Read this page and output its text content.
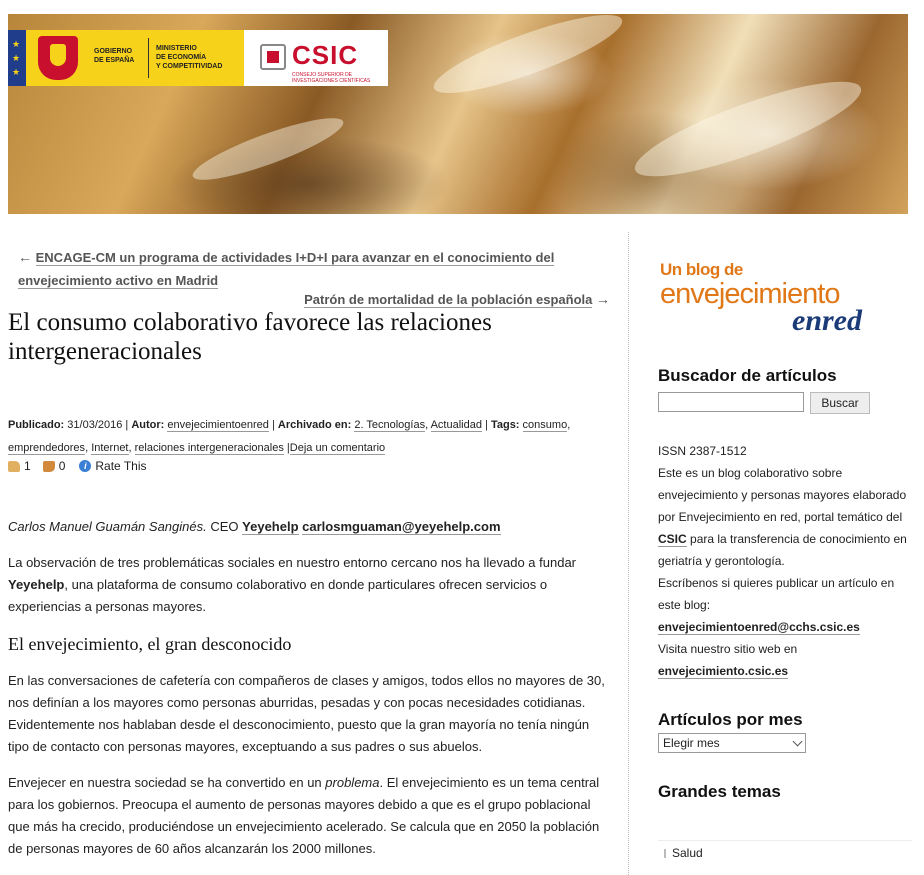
★
★
★
GOBIERNO
DE ESPAÑA
MINISTERIO
DE ECONOMÍA
Y COMPETITIVIDAD	CSIC
CONSEJO SUPERIOR DE INVESTIGACIONES CIENTÍFICAS
← ENCAGE-CM un programa de actividades I+D+I para avanzar en el conocimiento del envejecimiento activo en Madrid
Patrón de mortalidad de la población española →
El consumo colaborativo favorece las relaciones intergeneracionales
Publicado: 31/03/2016 | Autor: envejecimientoenred | Archivado en: 2. Tecnologías, Actualidad | Tags: consumo, emprendedores, Internet, relaciones intergeneracionales |Deja un comentario
1 0	i Rate This

Carlos Manuel Guamán Sanginés. CEO Yeyehelp carlosmguaman@yeyehelp.com

La observación de tres problemáticas sociales en nuestro entorno cercano nos ha llevado a fundar Yeyehelp, una plataforma de consumo colaborativo en donde particulares ofrecen servicios o experiencias a personas mayores.

El envejecimiento, el gran desconocido

En las conversaciones de cafetería con compañeros de clases y amigos, todos ellos no mayores de 30, nos definían a los mayores como personas aburridas, pesadas y con pocas necesidades cotidianas. Evidentemente nos hablaban desde el desconocimiento, puesto que la gran mayoría no tenía ningún tipo de contacto con personas mayores, exceptuando a sus padres o sus abuelos.

Envejecer en nuestra sociedad se ha convertido en un problema. El envejecimiento es un tema central para los gobiernos. Preocupa el aumento de personas mayores debido a que es el grupo poblacional que más ha crecido, produciéndose un envejecimiento acelerado. Se calcula que en 2050 la población de personas mayores de 60 años alcanzarán los 2000 millones.

Un blog de
envejecimiento
enred
Buscador de artículos
Buscar
ISSN 2387-1512
Este es un blog colaborativo sobre envejecimiento y personas mayores elaborado por Envejecimiento en red, portal temático del CSIC para la transferencia de conocimiento en geriatría y gerontología.
Escríbenos si quieres publicar un artículo en este blog:
envejecimientoenred@cchs.csic.es
Visita nuestro sitio web en
envejecimiento.csic.es
Artículos por mes
Elegir mes
Grandes temas
Salud
